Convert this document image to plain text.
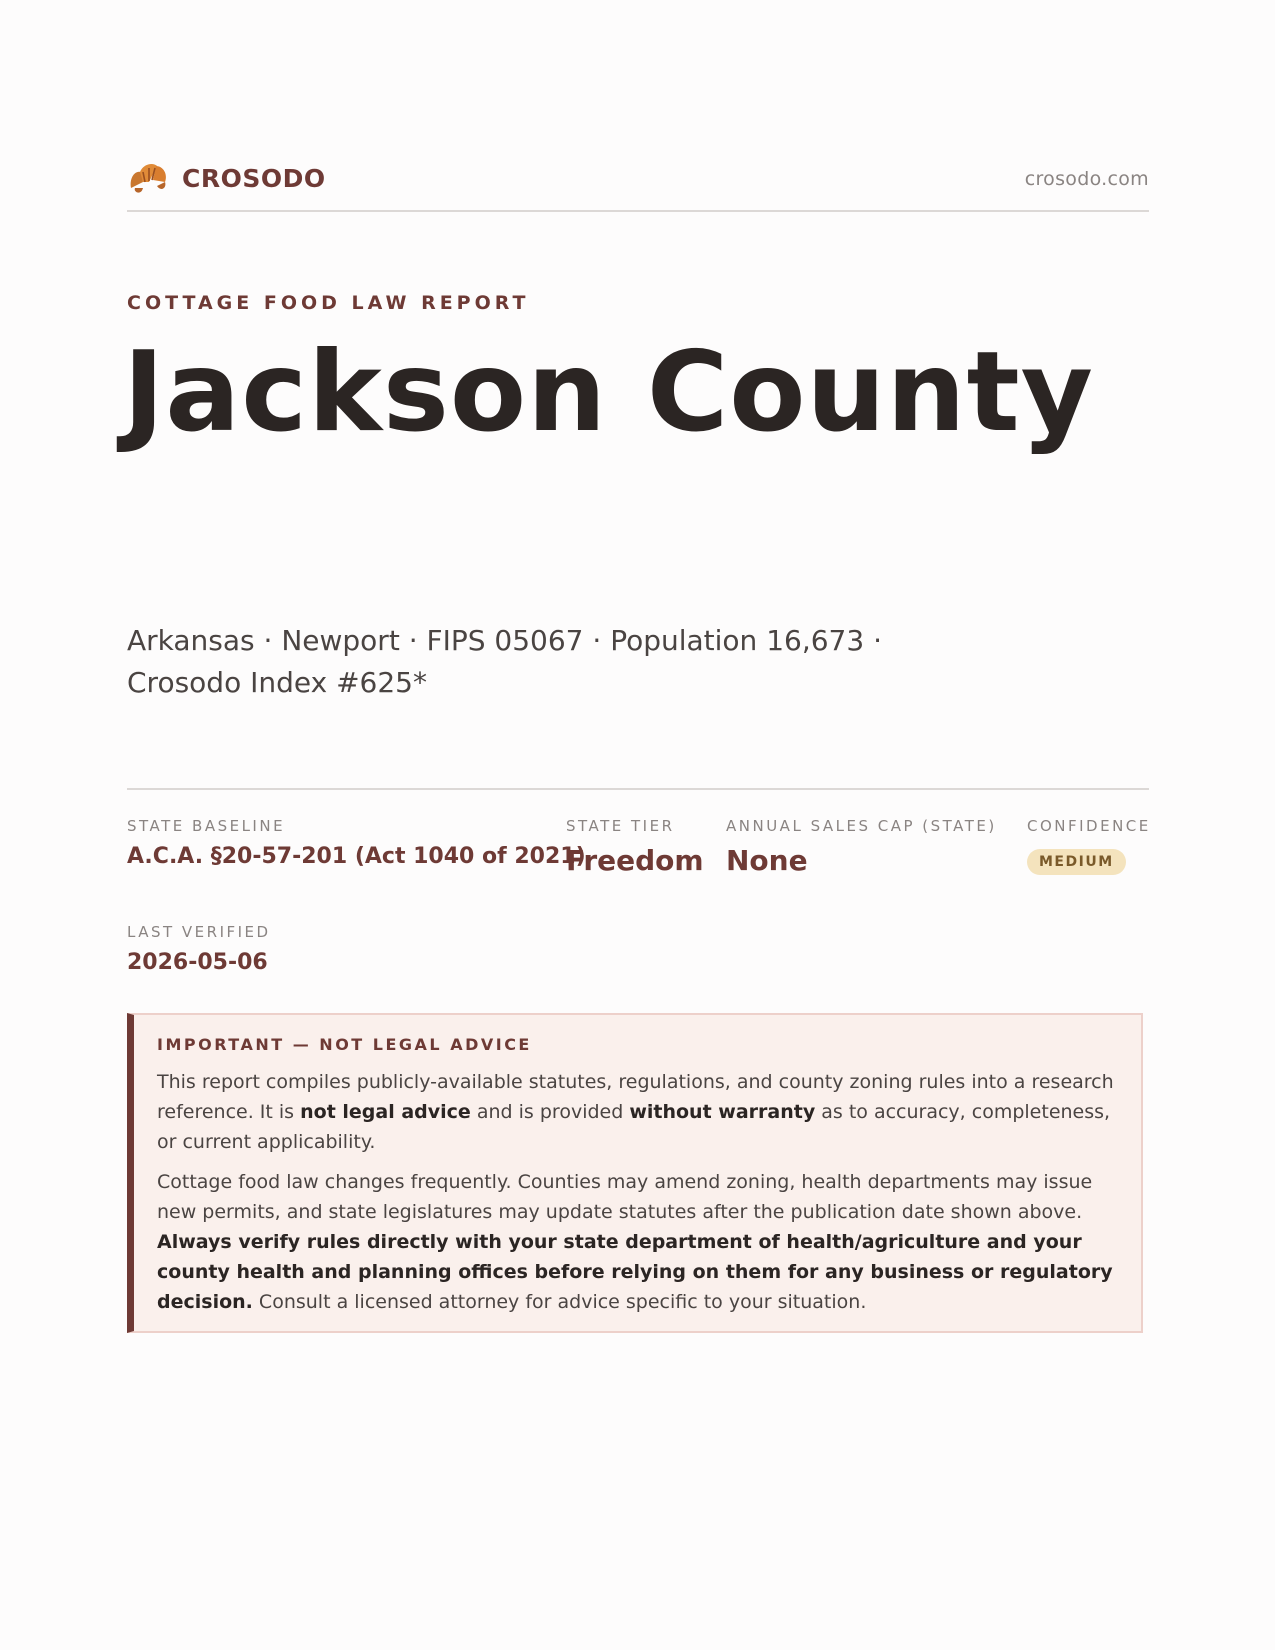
CROSODO	crosodo.com
COTTAGE FOOD LAW REPORT
Jackson County
Arkansas · Newport · FIPS 05067 · Population 16,673 ·
Crosodo Index #625*
STATE BASELINE
A.C.A. §20-57-201 (Act 1040 of 2021)
STATE TIER
Freedom
ANNUAL SALES CAP (STATE)
None
CONFIDENCE
MEDIUM
LAST VERIFIED
2026-05-06
IMPORTANT — NOT LEGAL ADVICE

This report compiles publicly-available statutes, regulations, and county zoning rules into a research reference. It is not legal advice and is provided without warranty as to accuracy, completeness, or current applicability.

Cottage food law changes frequently. Counties may amend zoning, health departments may issue new permits, and state legislatures may update statutes after the publication date shown above. Always verify rules directly with your state department of health/agriculture and your county health and planning offices before relying on them for any business or regulatory decision. Consult a licensed attorney for advice specific to your situation.
